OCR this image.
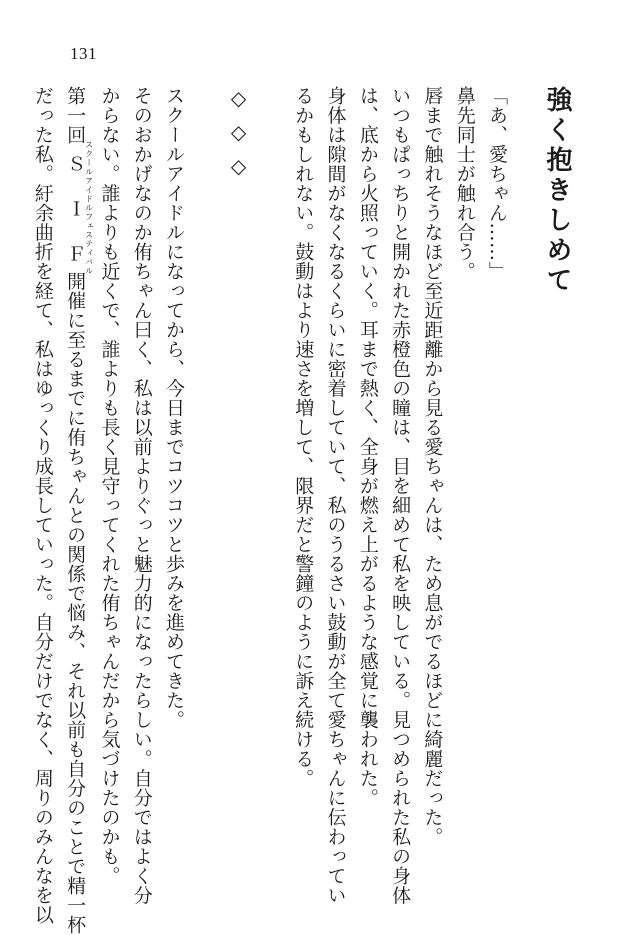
131
強く抱きしめて
「あ、愛ちゃん……」
鼻先同士が触れ合う。
唇まで触れそうなほど至近距離から見る愛ちゃんは、ため息がでるほどに綺麗だった。
いつもぱっちりと開かれた赤橙色の瞳は、目を細めて私を映している。見つめられた私の身体
は、底から火照っていく。耳まで熱く、全身が燃え上がるような感覚に襲われた。
身体は隙間がなくなるくらいに密着していて、私のうるさい鼓動が全て愛ちゃんに伝わってい
るかもしれない。鼓動はより速さを増して、限界だと警鐘のように訴え続ける。
◇◇◇
スクールアイドルになってから、今日までコツコツと歩みを進めてきた。
そのおかげなのか侑ちゃん曰く、私は以前よりぐっと魅力的になったらしい。自分ではよく分
からない。誰よりも近くで、誰よりも長く見守ってくれた侑ちゃんだから気づけたのかも。
第一回ＳＩＦスクールアイドルフェスティバル開催に至るまでに侑ちゃんとの関係で悩み、それ以前も自分のことで精一杯
だった私。紆余曲折を経て、私はゆっくり成長していった。自分だけでなく、周りのみんなを以
